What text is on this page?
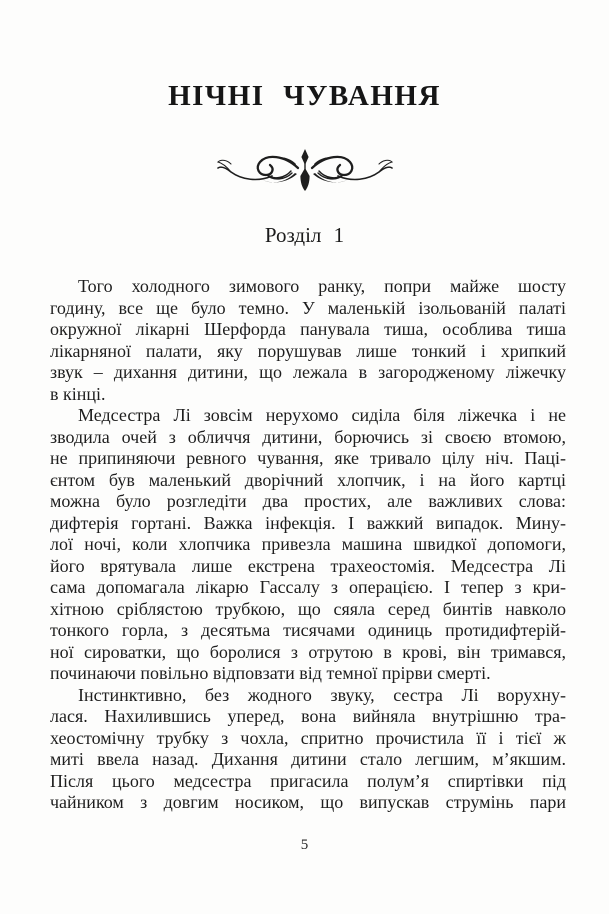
НІЧНІ ЧУВАННЯ
Розділ 1
Того холодного зимового ранку, попри майже шосту
годину, все ще було темно. У маленькій ізольованій палаті
окружної лікарні Шерфорда панувала тиша, особлива тиша
лікарняної палати, яку порушував лише тонкий і хрипкий
звук – дихання дитини, що лежала в загородженому ліжечку
в кінці.
Медсестра Лі зовсім нерухомо сиділа біля ліжечка і не
зводила очей з обличчя дитини, борючись зі своєю втомою,
не припиняючи ревного чування, яке тривало цілу ніч. Паці-
єнтом був маленький дворічний хлопчик, і на його картці
можна було розгледіти два простих, але важливих слова:
дифтерія гортані. Важка інфекція. І важкий випадок. Мину-
лої ночі, коли хлопчика привезла машина швидкої допомоги,
його врятувала лише екстрена трахеостомія. Медсестра Лі
сама допомагала лікарю Гассалу з операцією. І тепер з кри-
хітною сріблястою трубкою, що сяяла серед бинтів навколо
тонкого горла, з десятьма тисячами одиниць протидифтерій-
ної сироватки, що боролися з отрутою в крові, він тримався,
починаючи повільно відповзати від темної прірви смерті.
Інстинктивно, без жодного звуку, сестра Лі ворухну-
лася. Нахилившись уперед, вона вийняла внутрішню тра-
хеостомічну трубку з чохла, спритно прочистила її і тієї ж
миті ввела назад. Дихання дитини стало легшим, м’якшим.
Після цього медсестра пригасила полум’я спиртівки під
чайником з довгим носиком, що випускав струмінь пари
5
